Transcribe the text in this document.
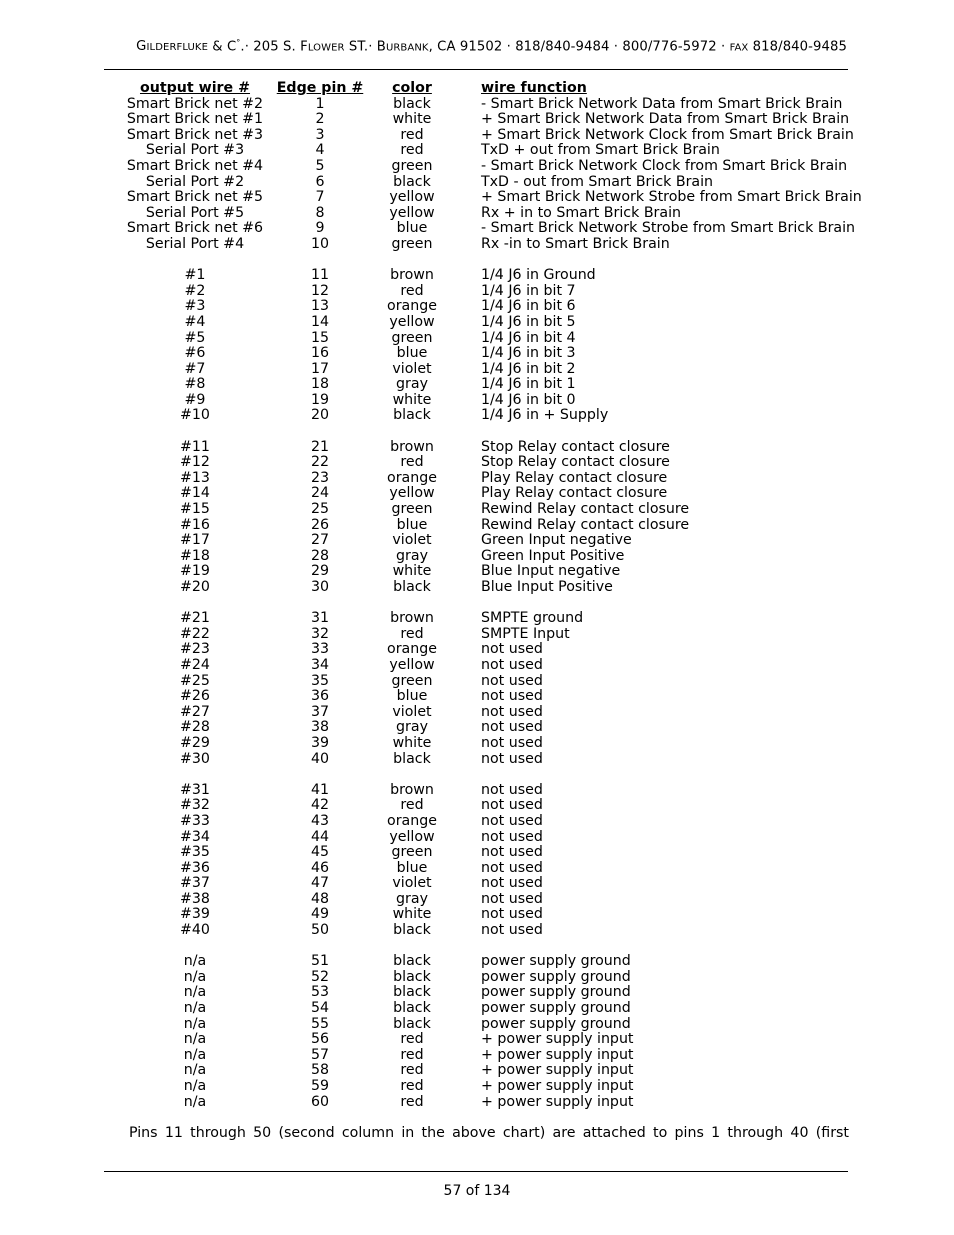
GILDERFLUKE & C°.· 205 S. FLOWER ST.· BURBANK, CA 91502 · 818/840-9484 · 800/776-5972 · FAX 818/840-9485
output wire #	Edge pin #	color	wire function
Smart Brick net #2	1	black	- Smart Brick Network Data from Smart Brick Brain
Smart Brick net #1	2	white	+ Smart Brick Network Data from Smart Brick Brain
Smart Brick net #3	3	red	+ Smart Brick Network Clock from Smart Brick Brain
Serial Port #3	4	red	TxD + out from Smart Brick Brain
Smart Brick net #4	5	green	- Smart Brick Network Clock from Smart Brick Brain
Serial Port #2	6	black	TxD - out from Smart Brick Brain
Smart Brick net #5	7	yellow	+ Smart Brick Network Strobe from Smart Brick Brain
Serial Port #5	8	yellow	Rx + in to Smart Brick Brain
Smart Brick net #6	9	blue	- Smart Brick Network Strobe from Smart Brick Brain
Serial Port #4	10	green	Rx -in to Smart Brick Brain
#1	11	brown	1/4 J6 in Ground
#2	12	red	1/4 J6 in bit 7
#3	13	orange	1/4 J6 in bit 6
#4	14	yellow	1/4 J6 in bit 5
#5	15	green	1/4 J6 in bit 4
#6	16	blue	1/4 J6 in bit 3
#7	17	violet	1/4 J6 in bit 2
#8	18	gray	1/4 J6 in bit 1
#9	19	white	1/4 J6 in bit 0
#10	20	black	1/4 J6 in + Supply
#11	21	brown	Stop Relay contact closure
#12	22	red	Stop Relay contact closure
#13	23	orange	Play Relay contact closure
#14	24	yellow	Play Relay contact closure
#15	25	green	Rewind Relay contact closure
#16	26	blue	Rewind Relay contact closure
#17	27	violet	Green Input negative
#18	28	gray	Green Input Positive
#19	29	white	Blue Input negative
#20	30	black	Blue Input Positive
#21	31	brown	SMPTE ground
#22	32	red	SMPTE Input
#23	33	orange	not used
#24	34	yellow	not used
#25	35	green	not used
#26	36	blue	not used
#27	37	violet	not used
#28	38	gray	not used
#29	39	white	not used
#30	40	black	not used
#31	41	brown	not used
#32	42	red	not used
#33	43	orange	not used
#34	44	yellow	not used
#35	45	green	not used
#36	46	blue	not used
#37	47	violet	not used
#38	48	gray	not used
#39	49	white	not used
#40	50	black	not used
n/a	51	black	power supply ground
n/a	52	black	power supply ground
n/a	53	black	power supply ground
n/a	54	black	power supply ground
n/a	55	black	power supply ground
n/a	56	red	+ power supply input
n/a	57	red	+ power supply input
n/a	58	red	+ power supply input
n/a	59	red	+ power supply input
n/a	60	red	+ power supply input
Pins 11 through 50 (second column in the above chart) are attached to pins 1 through 40 (first
57 of 134
